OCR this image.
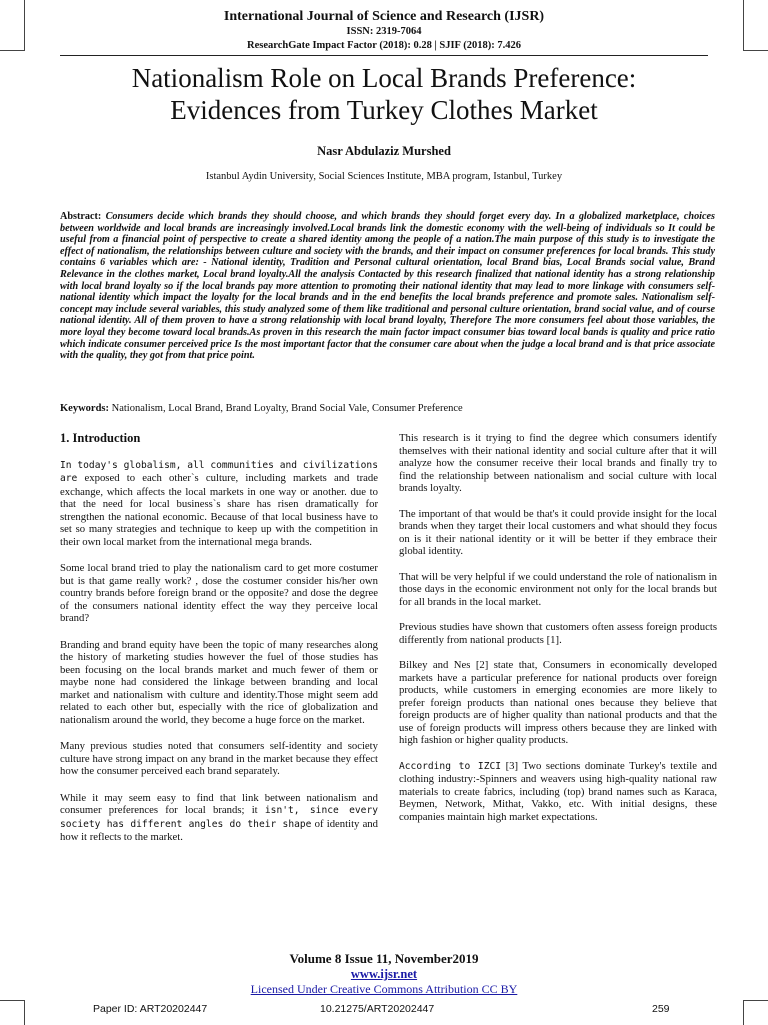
International Journal of Science and Research (IJSR)
ISSN: 2319-7064
ResearchGate Impact Factor (2018): 0.28 | SJIF (2018): 7.426
Nationalism Role on Local Brands Preference:
Evidences from Turkey Clothes Market
Nasr Abdulaziz Murshed
Istanbul Aydin University, Social Sciences Institute, MBA program, Istanbul, Turkey
Abstract: Consumers decide which brands they should choose, and which brands they should forget every day. In a globalized marketplace, choices between worldwide and local brands are increasingly involved.Local brands link the domestic economy with the well-being of individuals so It could be useful from a financial point of perspective to create a shared identity among the people of a nation.The main purpose of this study is to investigate the effect of nationalism, the relationships between culture and society with the brands, and their impact on consumer preferences for local brands. This study contains 6 variables which are: - National identity, Tradition and Personal cultural orientation, local Brand bias, Local Brands social value, Brand Relevance in the clothes market, Local brand loyalty.All the analysis Contacted by this research finalized that national identity has a strong relationship with local brand loyalty so if the local brands pay more attention to promoting their national identity that may lead to more linkage with consumers self-national identity which impact the loyalty for the local brands and in the end benefits the local brands preference and promote sales. Nationalism self-concept may include several variables, this study analyzed some of them like traditional and personal culture orientation, brand social value, and of course national identity. All of them proven to have a strong relationship with local brand loyalty, Therefore The more consumers feel about those variables, the more loyal they become toward local brands.As proven in this research the main factor impact consumer bias toward local bands is quality and price ratio which indicate consumer perceived price Is the most important factor that the consumer care about when the judge a local brand and is that price associate with the quality, they got from that price point.
Keywords: Nationalism, Local Brand, Brand Loyalty, Brand Social Vale, Consumer Preference
1. Introduction

In today's globalism, all communities and civilizations are exposed to each other`s culture, including markets and trade exchange, which affects the local markets in one way or another. due to that the need for local business`s share has risen dramatically for strengthen the national economic. Because of that local business have to set so many strategies and technique to keep up with the competition in their own local market from the international mega brands.

Some local brand tried to play the nationalism card to get more costumer but is that game really work? , dose the costumer consider his/her own country brands before foreign brand or the opposite? and dose the degree of the consumers national identity effect the way they perceive local brand?

Branding and brand equity have been the topic of many researches along the history of marketing studies however the fuel of those studies has been focusing on the local brands market and much fewer of them or maybe none had considered the linkage between branding and local market and nationalism with culture and identity.Those might seem add related to each other but, especially with the rice of globalization and nationalism around the world, they become a huge force on the market.

Many previous studies noted that consumers self-identity and society culture have strong impact on any brand in the market because they effect how the consumer perceived each brand separately.

While it may seem easy to find that link between nationalism and consumer preferences for local brands; it isn't, since every society has different angles do their shape of identity and how it reflects to the market.

This research is it trying to find the degree which consumers identify themselves with their national identity and social culture after that it will analyze how the consumer receive their local brands and finally try to find the relationship between nationalism and social culture with local brands loyalty.

The important of that would be that's it could provide insight for the local brands when they target their local customers and what should they focus on is it their national identity or it will be better if they embrace their global identity.

That will be very helpful if we could understand the role of nationalism in those days in the economic environment not only for the local brands but for all brands in the local market.

Previous studies have shown that customers often assess foreign products differently from national products [1].

Bilkey and Nes [2] state that, Consumers in economically developed markets have a particular preference for national products over foreign products, while customers in emerging economies are more likely to prefer foreign products than national ones because they believe that foreign products are of higher quality than national products and that the use of foreign products will impress others because they are linked with high fashion or higher quality products.

According to IZCI [3] Two sections dominate Turkey's textile and clothing industry:-Spinners and weavers using high-quality national raw materials to create fabrics, including (top) brand names such as Karaca, Beymen, Network, Mithat, Vakko, etc. With initial designs, these companies maintain high market expectations.

Volume 8 Issue 11, November2019
www.ijsr.net
Licensed Under Creative Commons Attribution CC BY
Paper ID: ART20202447	10.21275/ART20202447	259
